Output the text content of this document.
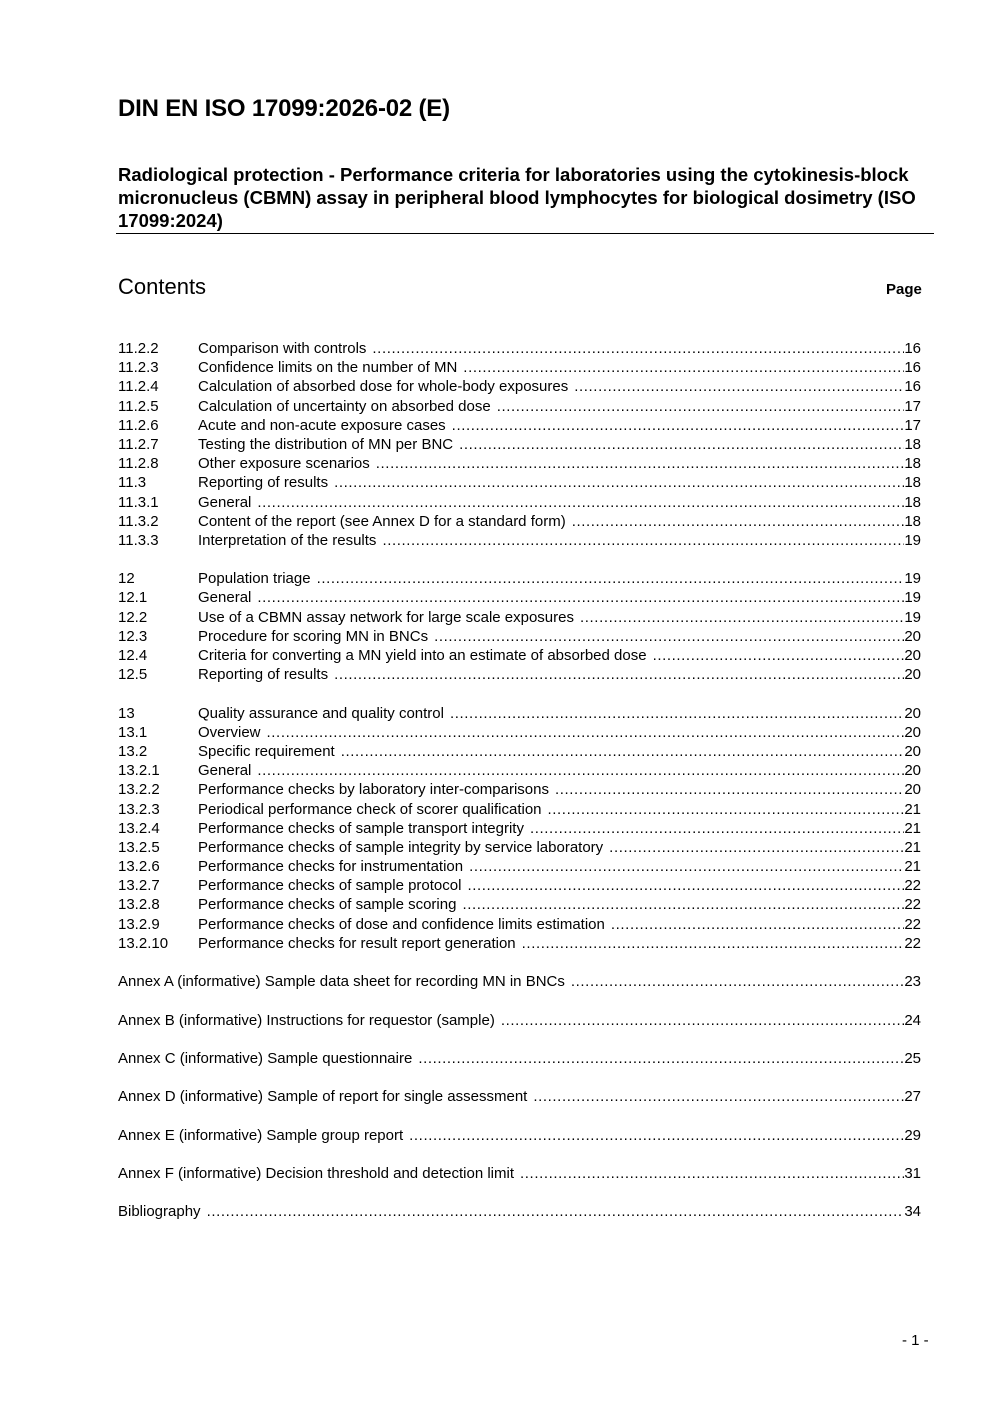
DIN EN ISO 17099:2026-02 (E)
Radiological protection - Performance criteria for laboratories using the cytokinesis-block micronucleus (CBMN) assay in peripheral blood lymphocytes for biological dosimetry (ISO 17099:2024)
Contents	Page
11.2.2	Comparison with controls .....	16
11.2.3	Confidence limits on the number of MN .....	16
11.2.4	Calculation of absorbed dose for whole-body exposures .....	16
11.2.5	Calculation of uncertainty on absorbed dose .....	17
11.2.6	Acute and non-acute exposure cases .....	17
11.2.7	Testing the distribution of MN per BNC .....	18
11.2.8	Other exposure scenarios .....	18
11.3	Reporting of results .....	18
11.3.1	General .....	18
11.3.2	Content of the report (see Annex D for a standard form) .....	18
11.3.3	Interpretation of the results .....	19
12	Population triage .....	19
12.1	General .....	19
12.2	Use of a CBMN assay network for large scale exposures .....	19
12.3	Procedure for scoring MN in BNCs .....	20
12.4	Criteria for converting a MN yield into an estimate of absorbed dose .....	20
12.5	Reporting of results .....	20
13	Quality assurance and quality control .....	20
13.1	Overview .....	20
13.2	Specific requirement .....	20
13.2.1	General .....	20
13.2.2	Performance checks by laboratory inter-comparisons .....	20
13.2.3	Periodical performance check of scorer qualification .....	21
13.2.4	Performance checks of sample transport integrity .....	21
13.2.5	Performance checks of sample integrity by service laboratory .....	21
13.2.6	Performance checks for instrumentation .....	21
13.2.7	Performance checks of sample protocol .....	22
13.2.8	Performance checks of sample scoring .....	22
13.2.9	Performance checks of dose and confidence limits estimation .....	22
13.2.10	Performance checks for result report generation .....	22
Annex A (informative) Sample data sheet for recording MN in BNCs .....	23
Annex B (informative) Instructions for requestor (sample) .....	24
Annex C (informative) Sample questionnaire .....	25
Annex D (informative) Sample of report for single assessment .....	27
Annex E (informative) Sample group report .....	29
Annex F (informative) Decision threshold and detection limit .....	31
Bibliography .....	34
- 1 -
